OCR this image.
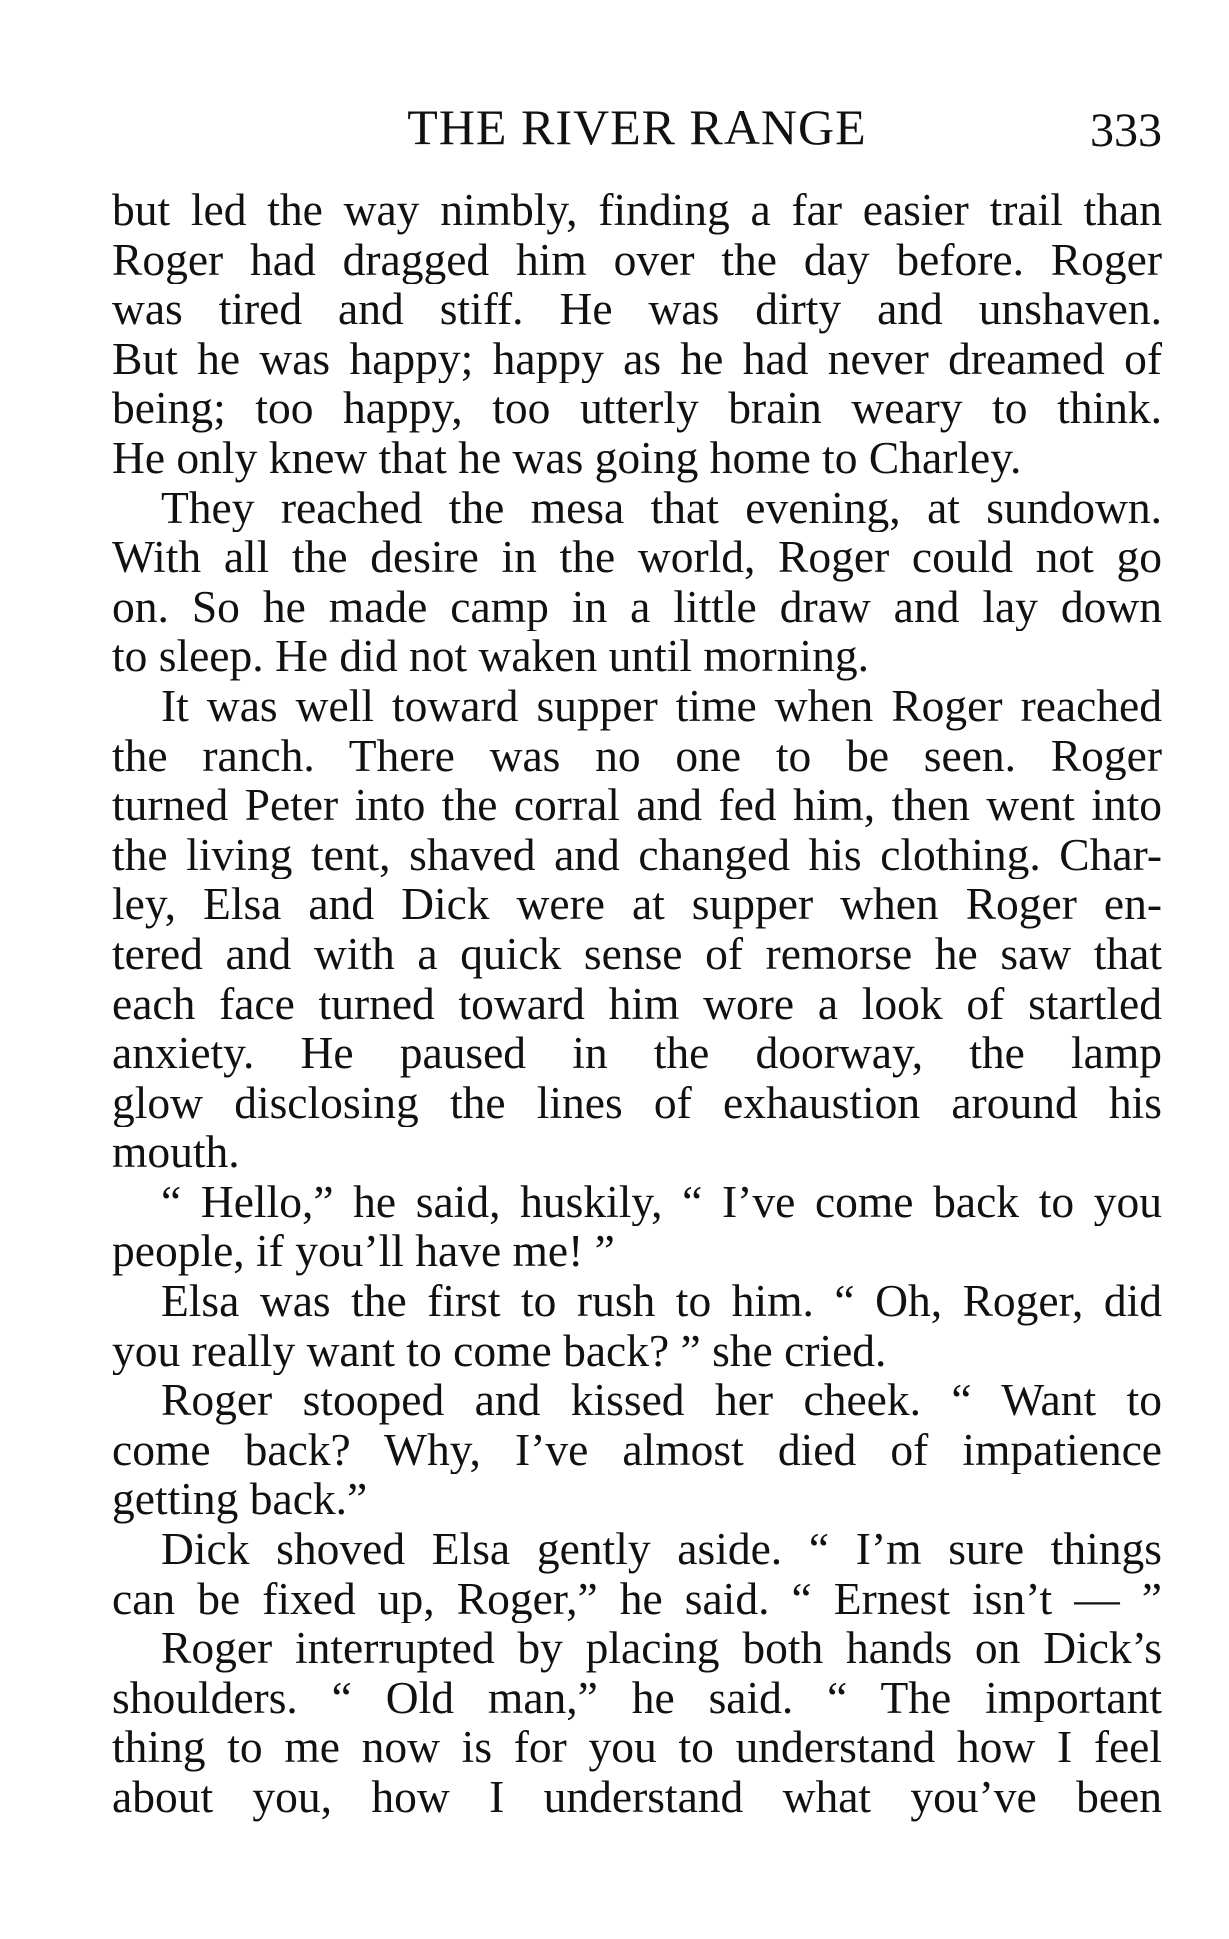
THE RIVER RANGE	333
but led the way nimbly, finding a far easier trail than
Roger had dragged him over the day before. Roger
was tired and stiff. He was dirty and unshaven.
But he was happy; happy as he had never dreamed of
being; too happy, too utterly brain weary to think.
He only knew that he was going home to Charley.
They reached the mesa that evening, at sundown.
With all the desire in the world, Roger could not go
on. So he made camp in a little draw and lay down
to sleep. He did not waken until morning.
It was well toward supper time when Roger reached
the ranch. There was no one to be seen. Roger
turned Peter into the corral and fed him, then went into
the living tent, shaved and changed his clothing. Char-
ley, Elsa and Dick were at supper when Roger en-
tered and with a quick sense of remorse he saw that
each face turned toward him wore a look of startled
anxiety. He paused in the doorway, the lamp
glow disclosing the lines of exhaustion around his
mouth.
“ Hello,” he said, huskily, “ I’ve come back to you
people, if you’ll have me! ”
Elsa was the first to rush to him. “ Oh, Roger, did
you really want to come back? ” she cried.
Roger stooped and kissed her cheek. “ Want to
come back? Why, I’ve almost died of impatience
getting back.”
Dick shoved Elsa gently aside. “ I’m sure things
can be fixed up, Roger,” he said. “ Ernest isn’t — ”
Roger interrupted by placing both hands on Dick’s
shoulders. “ Old man,” he said. “ The important
thing to me now is for you to understand how I feel
about you, how I understand what you’ve been
